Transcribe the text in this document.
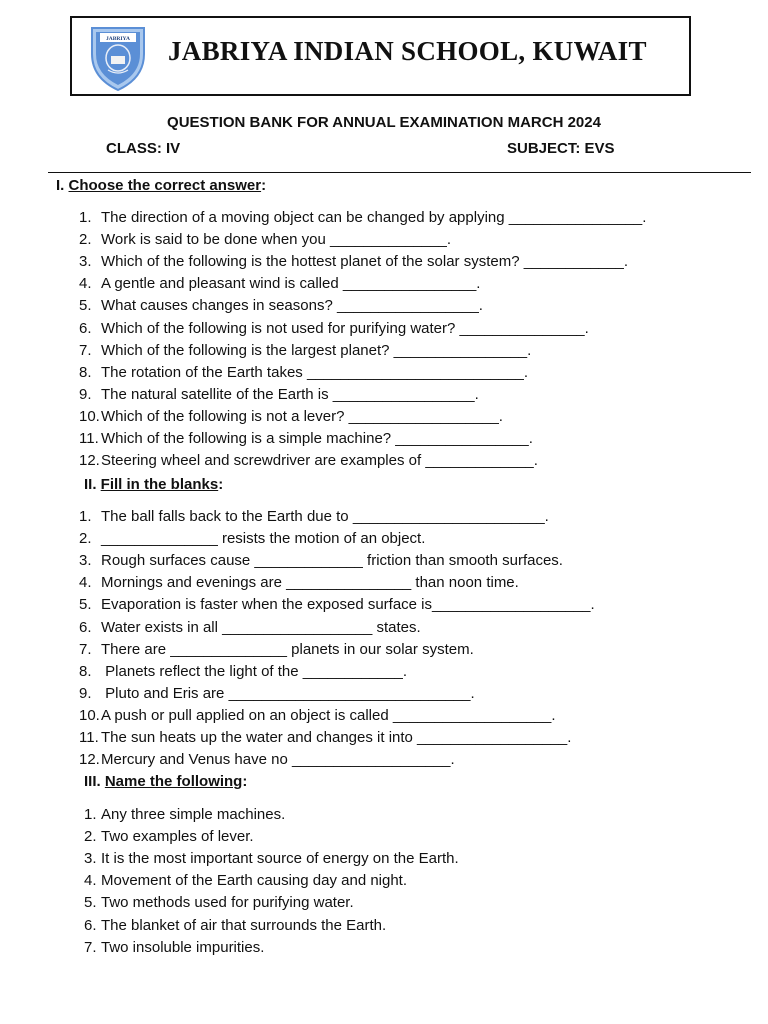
JABRIYA JABRIYA INDIAN SCHOOL, KUWAIT
QUESTION BANK FOR ANNUAL EXAMINATION MARCH 2024
CLASS: IV	SUBJECT: EVS
I. Choose the correct answer:
1. The direction of a moving object can be changed by applying ________________.
2. Work is said to be done when you ______________.
3. Which of the following is the hottest planet of the solar system? ____________.
4. A gentle and pleasant wind is called ________________.
5. What causes changes in seasons? _________________.
6. Which of the following is not used for purifying water? _______________.
7. Which of the following is the largest planet? ________________.
8. The rotation of the Earth takes __________________________.
9. The natural satellite of the Earth is _________________.
10.Which of the following is not a lever? __________________.
11. Which of the following is a simple machine? ________________.
12.Steering wheel and screwdriver are examples of _____________.
II. Fill in the blanks:
1. The ball falls back to the Earth due to _______________________.
2. ______________ resists the motion of an object.
3. Rough surfaces cause _____________ friction than smooth surfaces.
4. Mornings and evenings are _______________ than noon time.
5. Evaporation is faster when the exposed surface is___________________.
6. Water exists in all __________________ states.
7. There are ______________ planets in our solar system.
8. Planets reflect the light of the ____________.
9. Pluto and Eris are _____________________________.
10.A push or pull applied on an object is called ___________________.
11. The sun heats up the water and changes it into __________________.
12.Mercury and Venus have no ___________________.
III. Name the following:
1. Any three simple machines.
2. Two examples of lever.
3. It is the most important source of energy on the Earth.
4. Movement of the Earth causing day and night.
5. Two methods used for purifying water.
6. The blanket of air that surrounds the Earth.
7. Two insoluble impurities.
